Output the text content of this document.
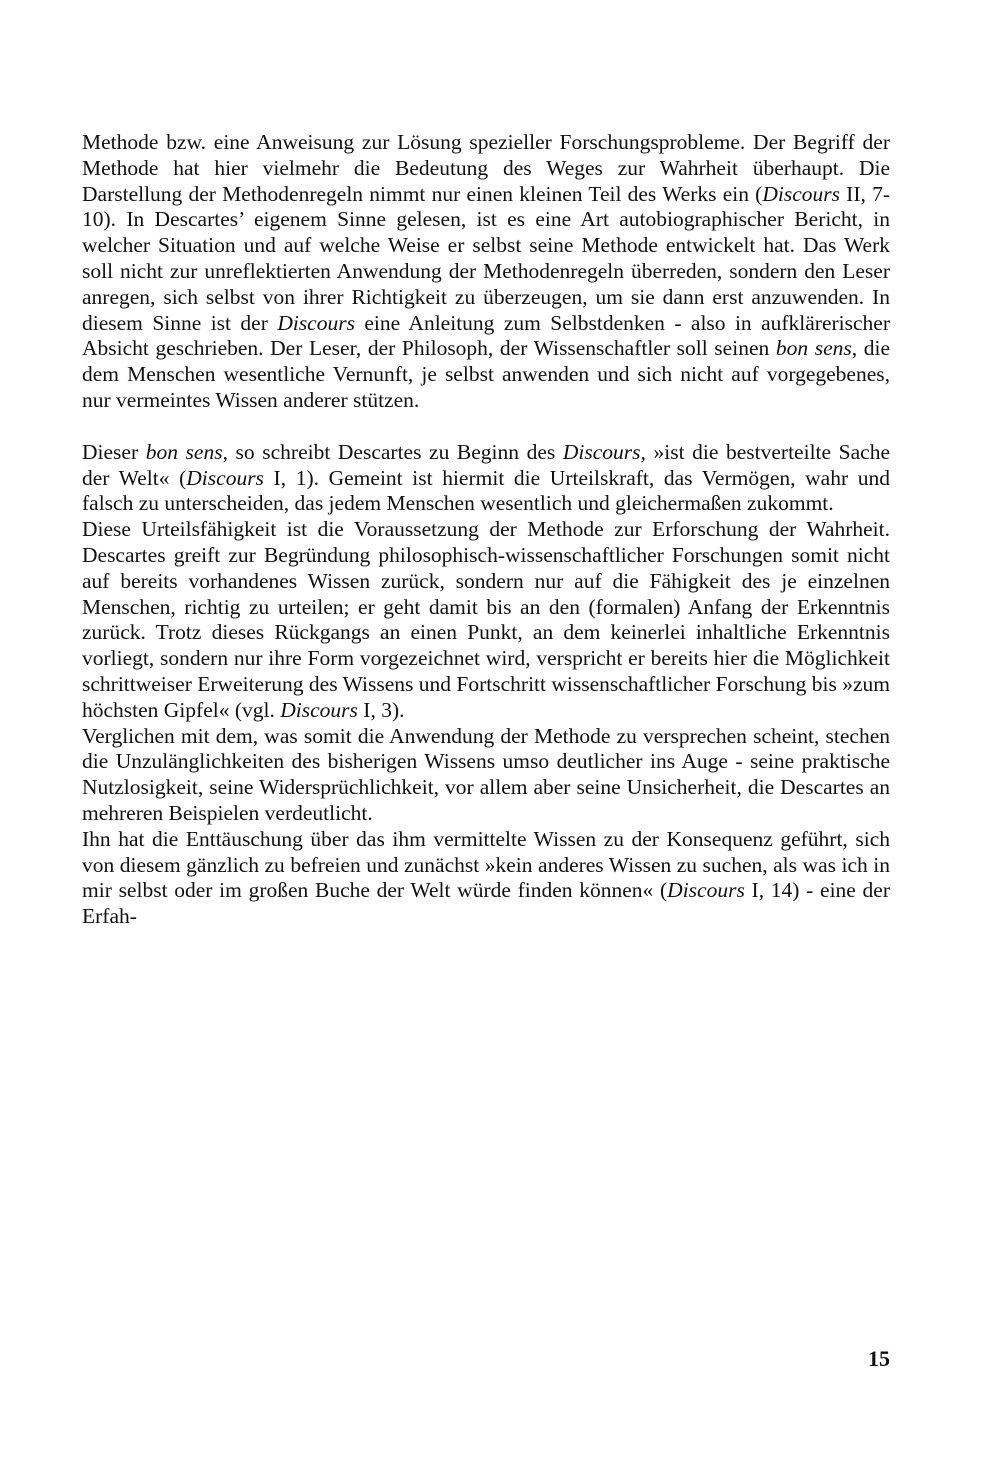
Methode bzw. eine Anweisung zur Lösung spezieller Forschungsprobleme. Der Begriff der Methode hat hier vielmehr die Bedeutung des Weges zur Wahrheit überhaupt. Die Darstellung der Methodenregeln nimmt nur einen kleinen Teil des Werks ein (Discours II, 7-10). In Descartes’ eigenem Sinne gelesen, ist es eine Art autobiographischer Bericht, in welcher Situation und auf welche Weise er selbst seine Methode entwickelt hat. Das Werk soll nicht zur unreflektierten Anwendung der Methodenregeln überreden, sondern den Leser anregen, sich selbst von ihrer Richtigkeit zu überzeugen, um sie dann erst anzuwenden. In diesem Sinne ist der Discours eine Anleitung zum Selbstdenken - also in aufklärerischer Absicht geschrieben. Der Leser, der Philosoph, der Wissenschaftler soll seinen bon sens, die dem Menschen wesentliche Vernunft, je selbst anwenden und sich nicht auf vorgegebenes, nur vermeintes Wissen anderer stützen.

Dieser bon sens, so schreibt Descartes zu Beginn des Discours, »ist die bestverteilte Sache der Welt« (Discours I, 1). Gemeint ist hiermit die Urteilskraft, das Vermögen, wahr und falsch zu unterscheiden, das jedem Menschen wesentlich und gleichermaßen zukommt.

Diese Urteilsfähigkeit ist die Voraussetzung der Methode zur Erforschung der Wahrheit. Descartes greift zur Begründung philosophisch-wissenschaftlicher Forschungen somit nicht auf bereits vorhandenes Wissen zurück, sondern nur auf die Fähigkeit des je einzelnen Menschen, richtig zu urteilen; er geht damit bis an den (formalen) Anfang der Erkenntnis zurück. Trotz dieses Rückgangs an einen Punkt, an dem keinerlei inhaltliche Erkenntnis vorliegt, sondern nur ihre Form vorgezeichnet wird, verspricht er bereits hier die Möglichkeit schrittweiser Erweiterung des Wissens und Fortschritt wissenschaftlicher Forschung bis »zum höchsten Gipfel« (vgl. Discours I, 3).

Verglichen mit dem, was somit die Anwendung der Methode zu versprechen scheint, stechen die Unzulänglichkeiten des bisherigen Wissens umso deutlicher ins Auge - seine praktische Nutzlosigkeit, seine Widersprüchlichkeit, vor allem aber seine Unsicherheit, die Descartes an mehreren Beispielen verdeutlicht.

Ihn hat die Enttäuschung über das ihm vermittelte Wissen zu der Konsequenz geführt, sich von diesem gänzlich zu befreien und zunächst »kein anderes Wissen zu suchen, als was ich in mir selbst oder im großen Buche der Welt würde finden können« (Discours I, 14) - eine der Erfah-

15
